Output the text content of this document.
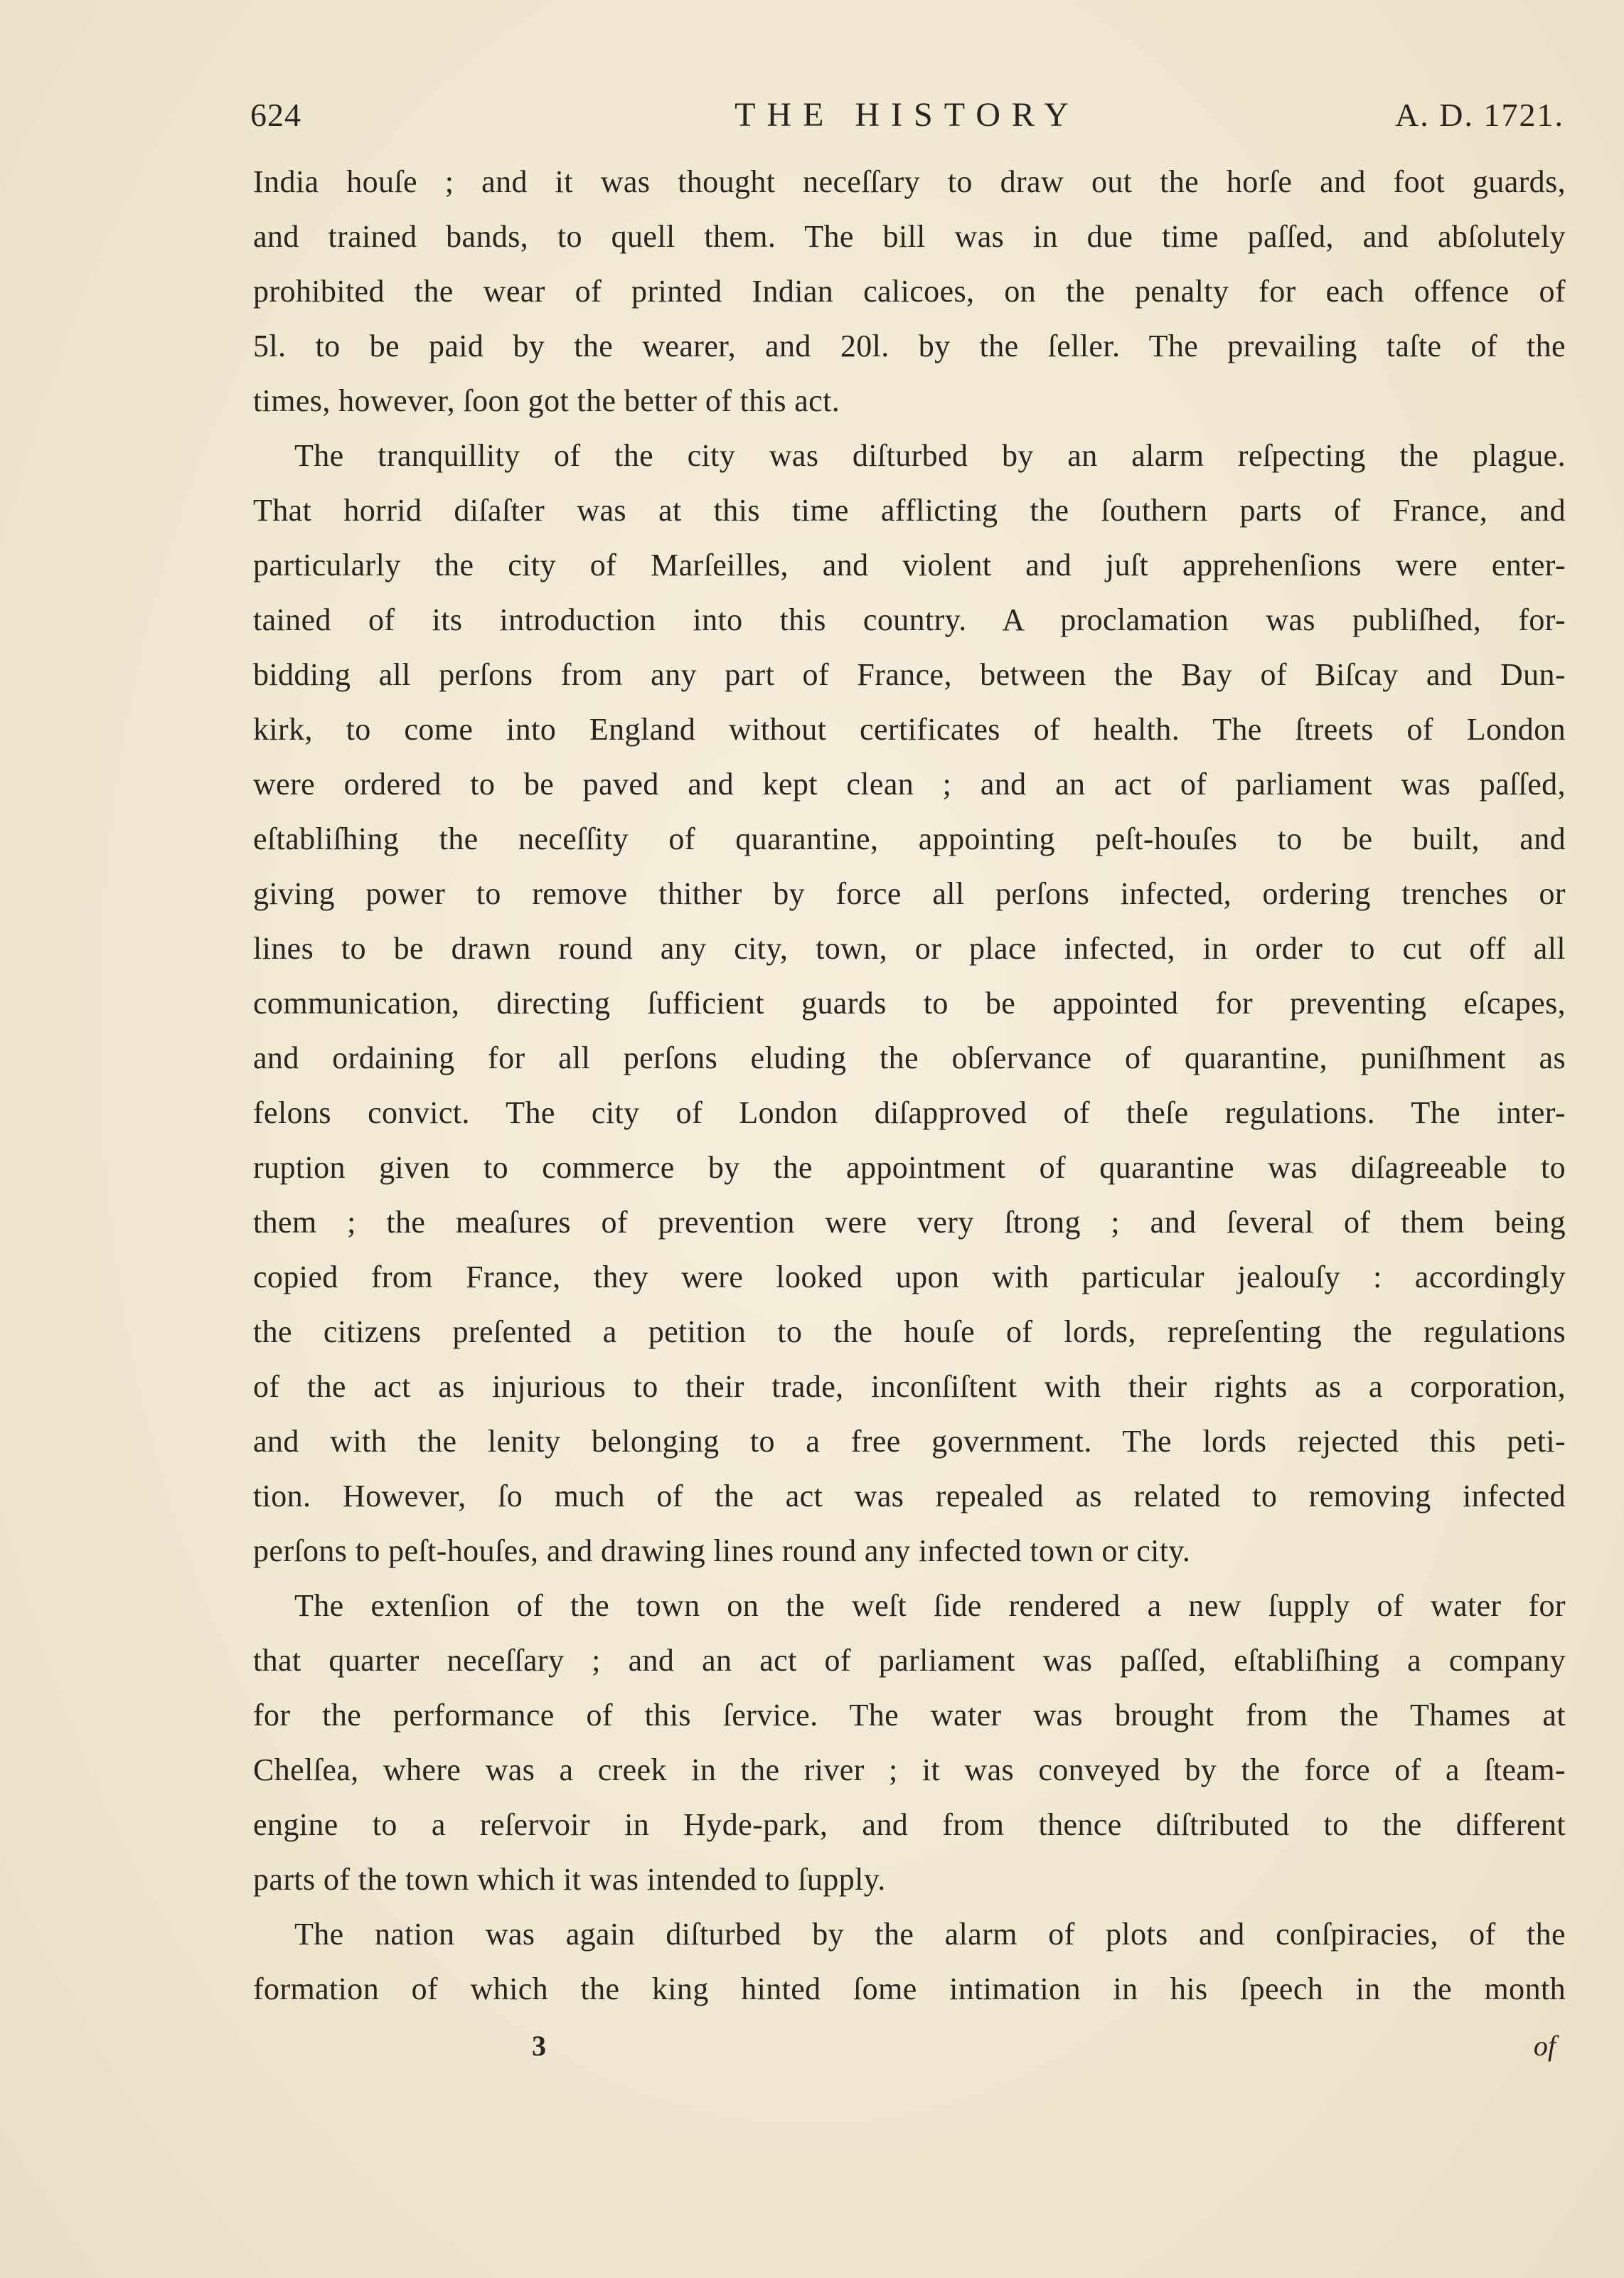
624	THE HISTORY	A. D. 1721.
India houſe ; and it was thought neceſſary to draw out the horſe and foot guards,
and trained bands, to quell them. The bill was in due time paſſed, and abſolutely
prohibited the wear of printed Indian calicoes, on the penalty for each offence of
5l. to be paid by the wearer, and 20l. by the ſeller. The prevailing taſte of the
times, however, ſoon got the better of this act.
The tranquillity of the city was diſturbed by an alarm reſpecting the plague.
That horrid diſaſter was at this time afflicting the ſouthern parts of France, and
particularly the city of Marſeilles, and violent and juſt apprehenſions were enter-
tained of its introduction into this country. A proclamation was publiſhed, for-
bidding all perſons from any part of France, between the Bay of Biſcay and Dun-
kirk, to come into England without certificates of health. The ſtreets of London
were ordered to be paved and kept clean ; and an act of parliament was paſſed,
eſtabliſhing the neceſſity of quarantine, appointing peſt-houſes to be built, and
giving power to remove thither by force all perſons infected, ordering trenches or
lines to be drawn round any city, town, or place infected, in order to cut off all
communication, directing ſufficient guards to be appointed for preventing eſcapes,
and ordaining for all perſons eluding the obſervance of quarantine, puniſhment as
felons convict. The city of London diſapproved of theſe regulations. The inter-
ruption given to commerce by the appointment of quarantine was diſagreeable to
them ; the meaſures of prevention were very ſtrong ; and ſeveral of them being
copied from France, they were looked upon with particular jealouſy : accordingly
the citizens preſented a petition to the houſe of lords, repreſenting the regulations
of the act as injurious to their trade, inconſiſtent with their rights as a corporation,
and with the lenity belonging to a free government. The lords rejected this peti-
tion. However, ſo much of the act was repealed as related to removing infected
perſons to peſt-houſes, and drawing lines round any infected town or city.
The extenſion of the town on the weſt ſide rendered a new ſupply of water for
that quarter neceſſary ; and an act of parliament was paſſed, eſtabliſhing a company
for the performance of this ſervice. The water was brought from the Thames at
Chelſea, where was a creek in the river ; it was conveyed by the force of a ſteam-
engine to a reſervoir in Hyde-park, and from thence diſtributed to the different
parts of the town which it was intended to ſupply.
The nation was again diſturbed by the alarm of plots and conſpiracies, of the
formation of which the king hinted ſome intimation in his ſpeech in the month
3	of
